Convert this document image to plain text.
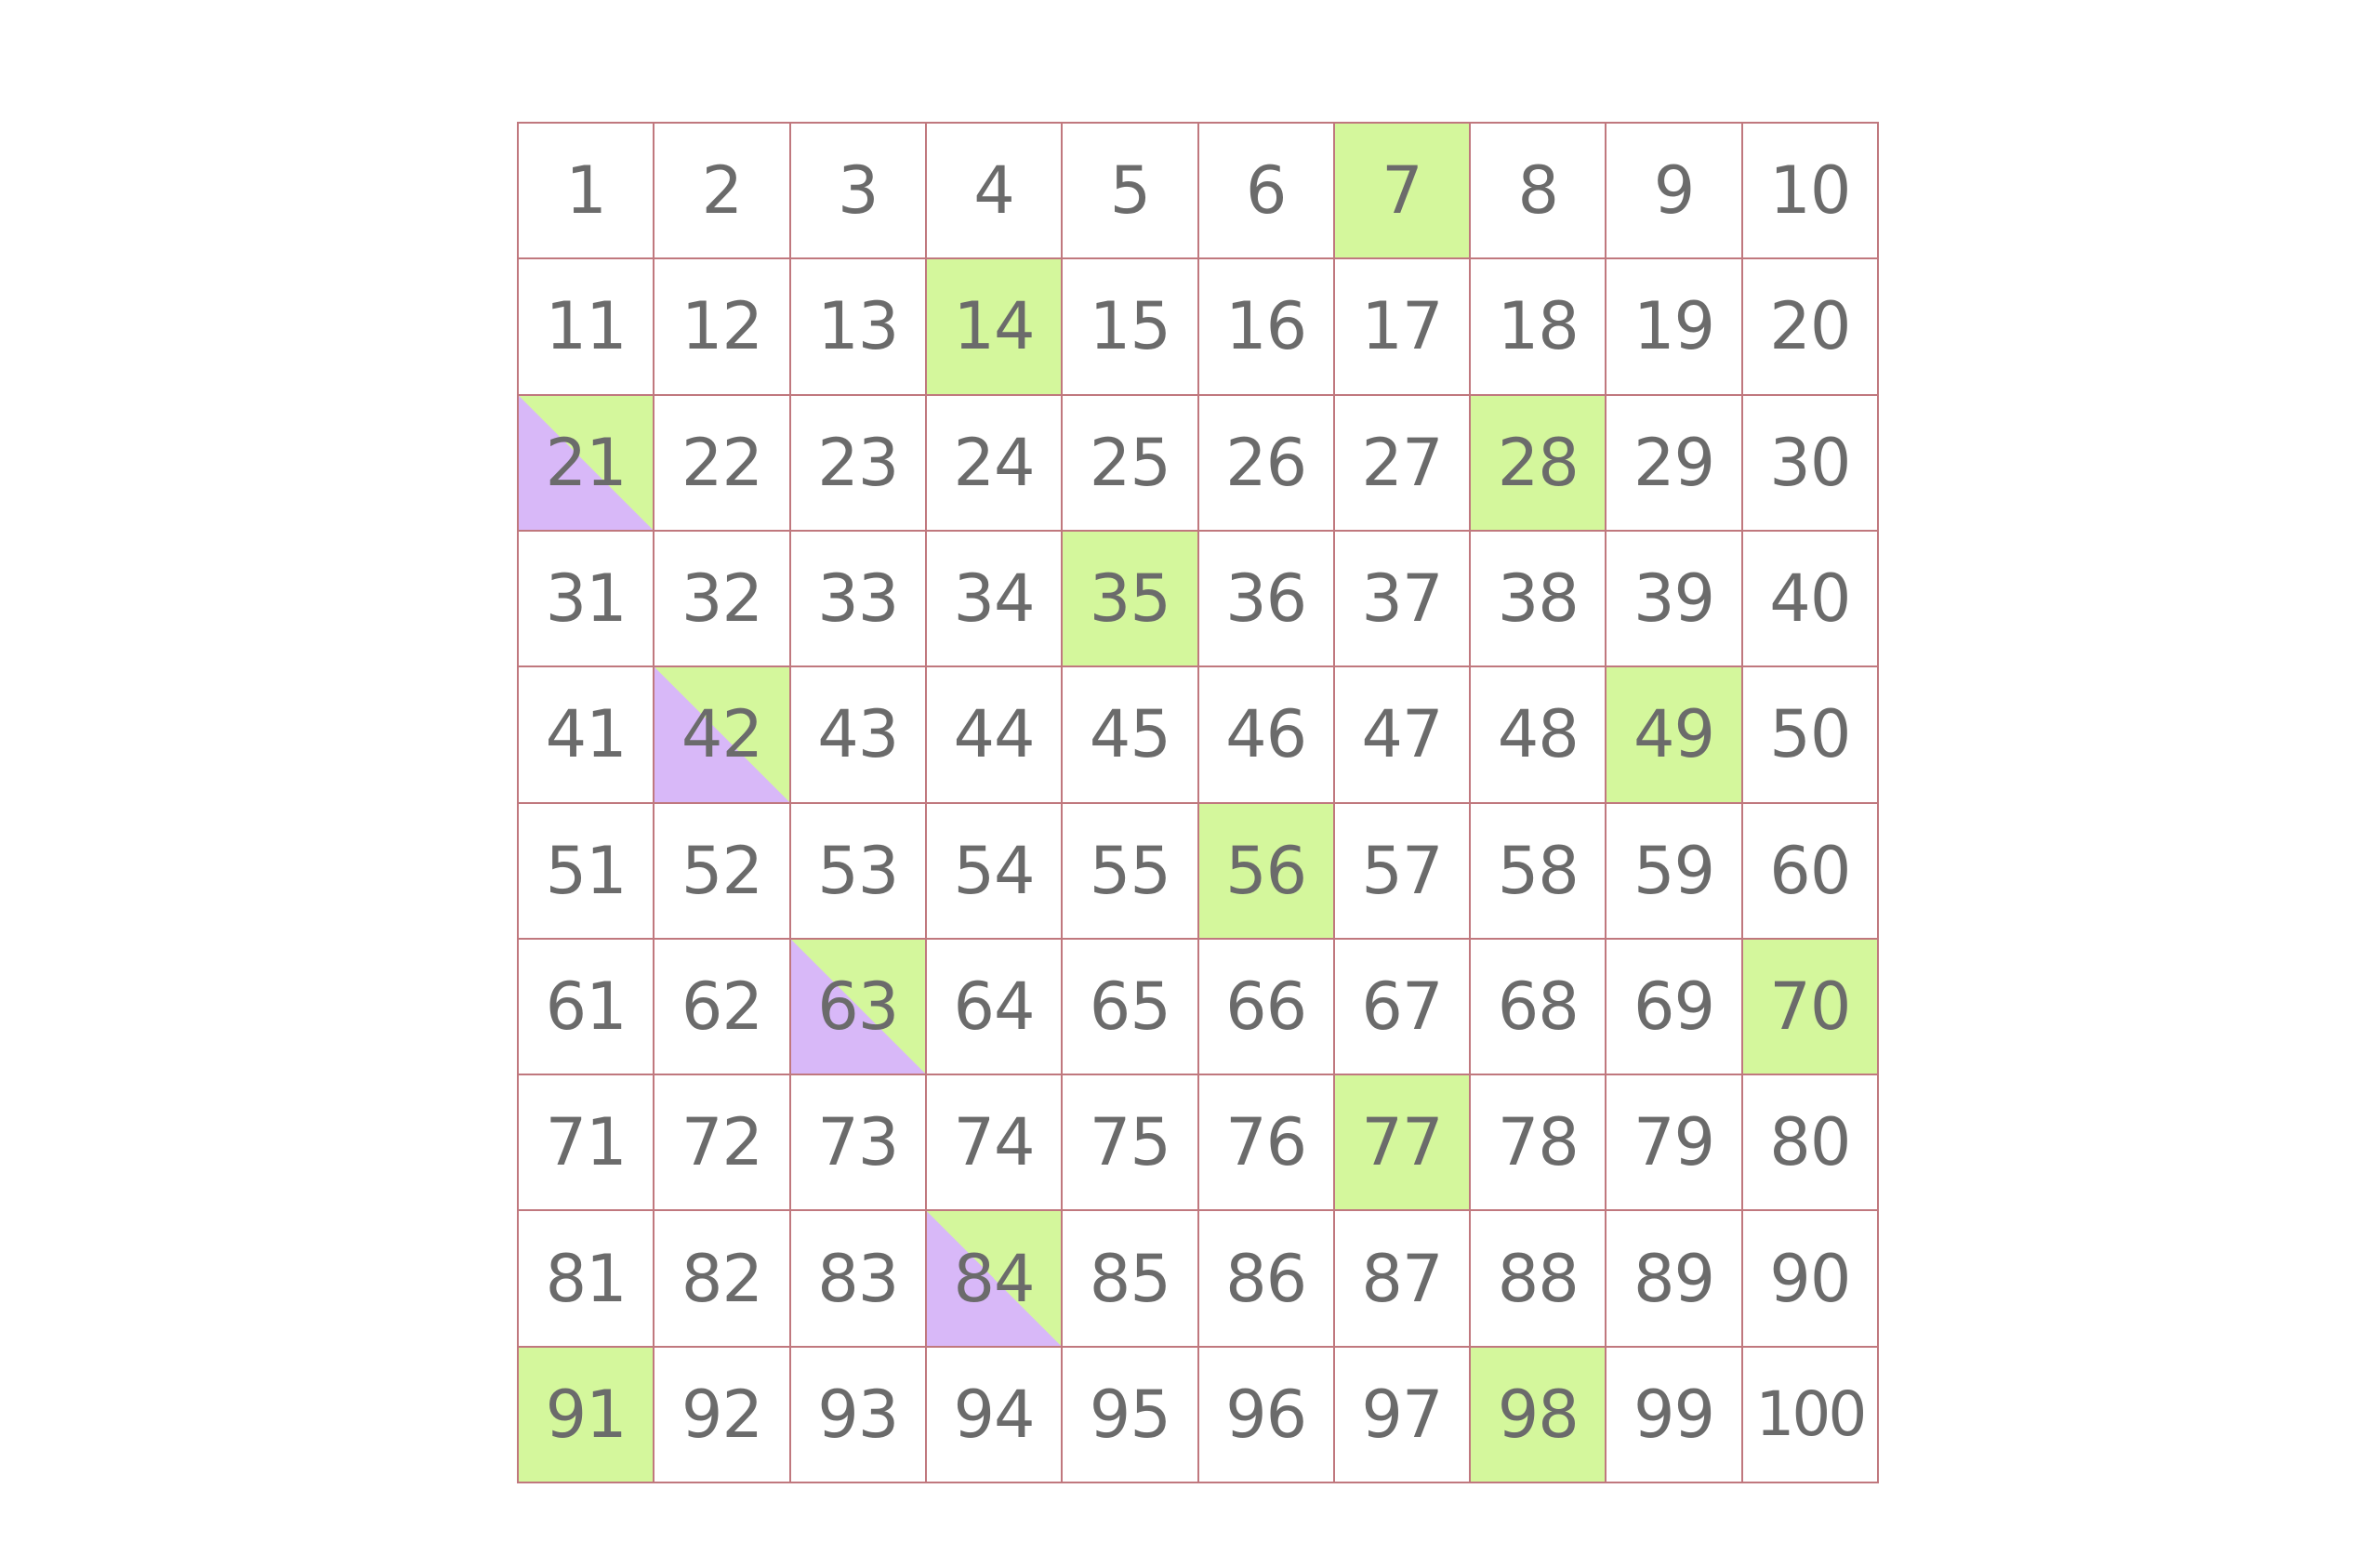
1 2 3 4 5 6 7 8 9 10
11 12 13 14 15 16 17 18 19 20
21 22 23 24 25 26 27 28 29 30
31 32 33 34 35 36 37 38 39 40
41 42 43 44 45 46 47 48 49 50
51 52 53 54 55 56 57 58 59 60
61 62 63 64 65 66 67 68 69 70
71 72 73 74 75 76 77 78 79 80
81 82 83 84 85 86 87 88 89 90
91 92 93 94 95 96 97 98 99 100
